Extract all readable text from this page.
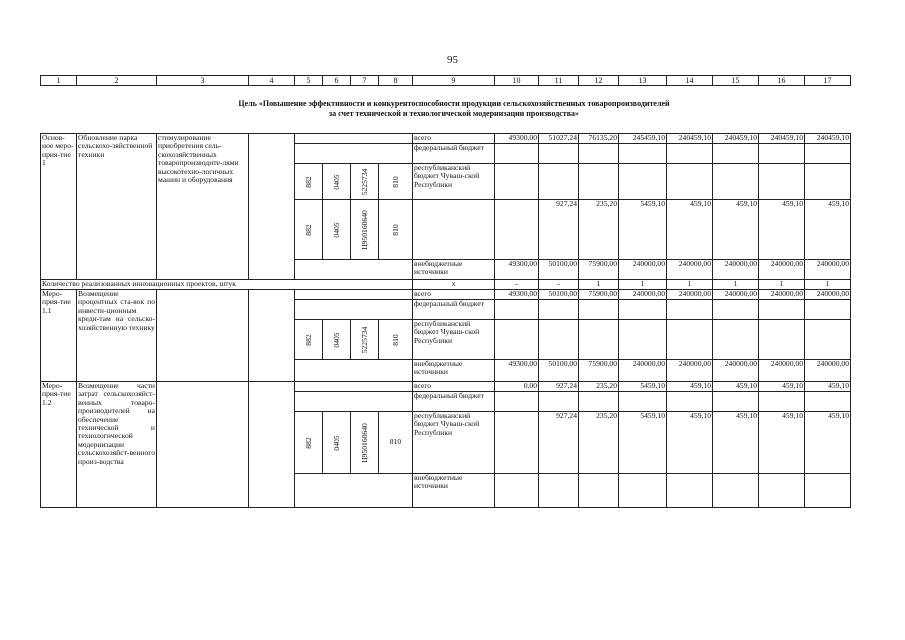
95
1	2	3	4	5	6	7	8	9	10	11	12	13	14	15	16	17
Цель «Повышение эффективности и конкурентоспособности продукции сельскохозяйственных товаропроизводителей
за счет технической и технологической модернизации производства»
Основ-ное меро-прия-тие 1	Обновление парка сельскохо-зяйственной техники	стимулирование приобретения сель-скохозяйственных товаропроизводите-лями высокотехно-логичных машин и оборудования						всего	49300,00	51027,24	76135,20	245459,10	240459,10	240459,10	240459,10	240459,10
								федеральный бюджет								

				882	0405	5225734	810	республиканский бюджет Чуваш-ской Республики								

				882	0405	Ц950160640	810			927,24	235,20	5459,10	459,10	459,10	459,10	459,10
								внебюджетные источники	49300,00	50100,00	75900,00	240000,00	240000,00	240000,00	240000,00	240000,00
Количество реализованных инновационных проектов, штук								x	-	-	1	1	1	1	1	1
Меро-прия-тие 1.1	Возмещение процентных ста-вок по инвести-ционным креди-там на сельско-хозяйственную технику							всего	49300,00	50100,00	75900,00	240000,00	240000,00	240000,00	240000,00	240000,00
								федеральный бюджет								

				882	0405	5225734	810	республиканский бюджет Чуваш-ской Республики								
								внебюджетные источники	49300,00	50100,00	75900,00	240000,00	240000,00	240000,00	240000,00	240000,00
Меро-прия-тие 1.2	Возмещение части затрат сельскохозяйст-венных товаро-производителей на обеспечение технической и технологической модернизации сельскохозяйст-венного произ-водства							всего	0,00	927,24	235,20	5459,10	459,10	459,10	459,10	459,10
								федеральный бюджет								

				882	0405	Ц950160640	810	республиканский бюджет Чуваш-ской Республики		927,24	235,20	5459,10	459,10	459,10	459,10	459,10
								внебюджетные источники								
